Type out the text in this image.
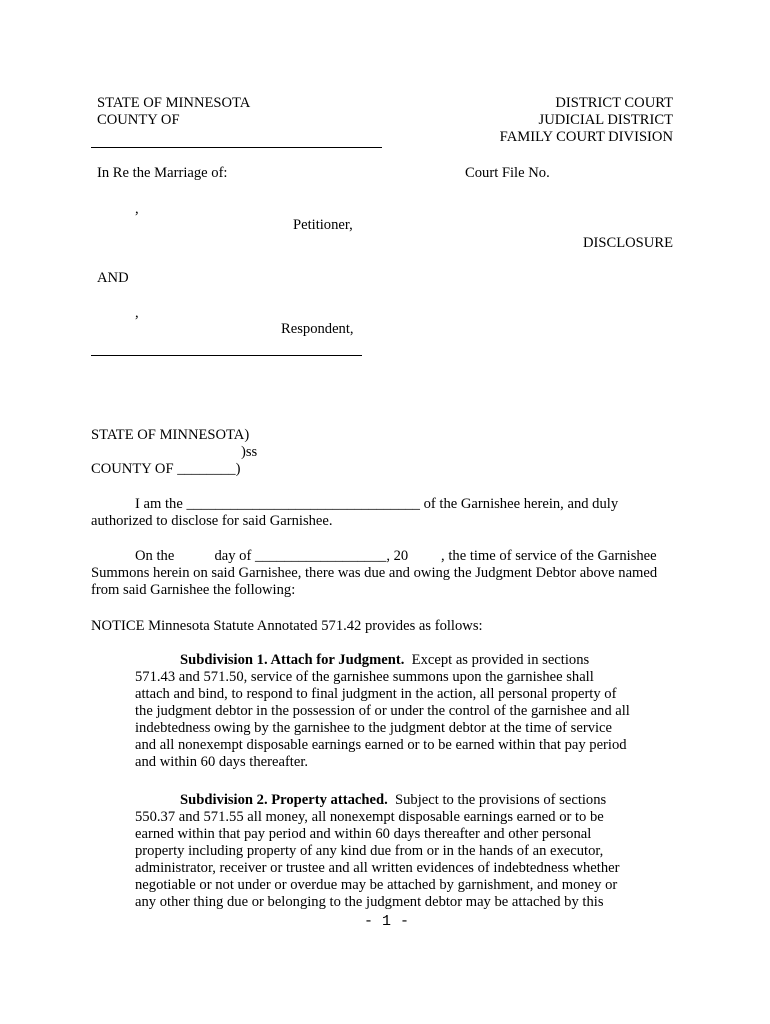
STATE OF MINNESOTA
COUNTY OF
DISTRICT COURT
JUDICIAL DISTRICT
FAMILY COURT DIVISION
In Re the Marriage of:	Court File No.
,
Petitioner,
DISCLOSURE
AND
,
Respondent,
STATE OF MINNESOTA)
)ss
COUNTY OF ________)
I am the ________________________________ of the Garnishee herein, and duly
authorized to disclose for said Garnishee.
On the           day of __________________, 20         , the time of service of the Garnishee
Summons herein on said Garnishee, there was due and owing the Judgment Debtor above named
from said Garnishee the following:
NOTICE Minnesota Statute Annotated 571.42 provides as follows:
Subdivision 1. Attach for Judgment. Except as provided in sections
571.43 and 571.50, service of the garnishee summons upon the garnishee shall
attach and bind, to respond to final judgment in the action, all personal property of
the judgment debtor in the possession of or under the control of the garnishee and all
indebtedness owing by the garnishee to the judgment debtor at the time of service
and all nonexempt disposable earnings earned or to be earned within that pay period
and within 60 days thereafter.
Subdivision 2. Property attached. Subject to the provisions of sections
550.37 and 571.55 all money, all nonexempt disposable earnings earned or to be
earned within that pay period and within 60 days thereafter and other personal
property including property of any kind due from or in the hands of an executor,
administrator, receiver or trustee and all written evidences of indebtedness whether
negotiable or not under or overdue may be attached by garnishment, and money or
any other thing due or belonging to the judgment debtor may be attached by this
- 1 -
